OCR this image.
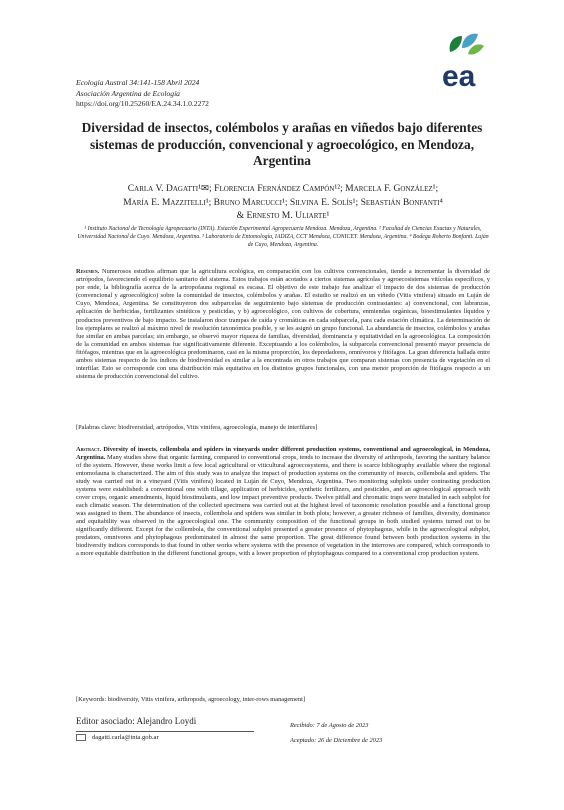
ea
Ecología Austral 34:141-158 Abril 2024
Asociación Argentina de Ecología
https://doi.org/10.25260/EA.24.34.1.0.2272
Diversidad de insectos, colémbolos y arañas en viñedos bajo diferentes sistemas de producción, convencional y agroecológico, en Mendoza, Argentina
Carla V. Dagatti¹✉; Florencia Fernández Campón¹²; Marcela F. González¹;
María E. Mazzitelli¹; Bruno Marcucci¹; Silvina E. Solís¹; Sebastián Bonfanti⁴
& Ernesto M. Uliarte¹
¹ Instituto Nacional de Tecnología Agropecuaria (INTA). Estación Experimental Agropecuaria Mendoza. Mendoza, Argentina. ² Facultad de Ciencias Exactas y Naturales, Universidad Nacional de Cuyo. Mendoza, Argentina. ³ Laboratorio de Entomología, IADIZA, CCT Mendoza, CONICET. Mendoza, Argentina. ⁴ Bodega Roberto Bonfanti. Luján de Cuyo, Mendoza, Argentina.
Resumen. Numerosos estudios afirman que la agricultura ecológica, en comparación con los cultivos convencionales, tiende a incrementar la diversidad de artrópodos, favoreciendo el equilibrio sanitario del sistema. Estos trabajos están acotados a ciertos sistemas agrícolas y agroecosistemas vitícolas específicos, y por ende, la bibliografía acerca de la artropofauna regional es escasa. El objetivo de este trabajo fue analizar el impacto de dos sistemas de producción (convencional y agroecológico) sobre la comunidad de insectos, colémbolos y arañas. El estudio se realizó en un viñedo (Vitis vinifera) situado en Luján de Cuyo, Mendoza, Argentina. Se constituyeron dos subparcelas de seguimiento bajo sistemas de producción contrastantes: a) convencional, con labranzas, aplicación de herbicidas, fertilizantes sintéticos y pesticidas, y b) agroecológico, con cultivos de cobertura, enmiendas orgánicas, bioestimulantes líquidos y productos preventivos de bajo impacto. Se instalaron doce trampas de caída y cromáticas en cada subparcela, para cada estación climática. La determinación de los ejemplares se realizó al máximo nivel de resolución taxonómica posible, y se les asignó un grupo funcional. La abundancia de insectos, colémbolos y arañas fue similar en ambas parcelas; sin embargo, se observó mayor riqueza de familias, diversidad, dominancia y equitatividad en la agroecológica. La composición de la comunidad en ambos sistemas fue significativamente diferente. Exceptuando a los colémbolos, la subparcela convencional presentó mayor presencia de fitófagos, mientras que en la agroecológica predominaron, casi en la misma proporción, los depredadores, omnívoros y fitófagos. La gran diferencia hallada entre ambos sistemas respecto de los índices de biodiversidad es similar a la encontrada en otros trabajos que comparan sistemas con presencia de vegetación en el interfilar. Esto se corresponde con una distribución más equitativa en los distintos grupos funcionales, con una menor proporción de fitófagos respecto a un sistema de producción convencional del cultivo.
[Palabras clave: biodiversidad, artrópodos, Vitis vinifera, agroecología, manejo de interfilares]
Abstract. Diversity of insects, collembola and spiders in vineyards under different production systems, conventional and agroecological, in Mendoza, Argentina. Many studies show that organic farming, compared to conventional crops, tends to increase the diversity of arthropods, favoring the sanitary balance of the system. However, these works limit a few local agricultural or viticultural agroecosystems, and there is scarce bibliography available where the regional entomofauna is characterized. The aim of this study was to analyze the impact of production systems on the community of insects, collembola and spiders. The study was carried out in a vineyard (Vitis vinifera) located in Luján de Cuyo, Mendoza, Argentina. Two monitoring subplots under contrasting production systems were established: a conventional one with tillage, application of herbicides, synthetic fertilizers, and pesticides, and an agroecological approach with cover crops, organic amendments, liquid biostimulants, and low impact preventive products. Twelve pitfall and chromatic traps were installed in each subplot for each climatic season. The determination of the collected specimens was carried out at the highest level of taxonomic resolution possible and a functional group was assigned to them. The abundance of insects, collembola and spiders was similar in both plots; however, a greater richness of families, diversity, dominance and equitability was observed in the agroecological one. The community composition of the functional groups in both studied systems turned out to be significantly different. Except for the collembola, the conventional subplot presented a greater presence of phytophagous, while in the agroecological subplot, predators, omnivores and phytophagous predominated in almost the same proportion. The great difference found between both production systems in the biodiversity indices corresponds to that found in other works where systems with the presence of vegetation in the interrows are compared, which corresponds to a more equitable distribution in the different functional groups, with a lower proportion of phytophagous compared to a conventional crop production system.
[Keywords: biodiversity, Vitis vinifera, arthropods, agroecology, inter-rows management]
Editor asociado: Alejandro Loydi
dagatti.carla@inta.gob.ar
Recibido: 7 de Agosto de 2023
Aceptado: 26 de Diciembre de 2023
